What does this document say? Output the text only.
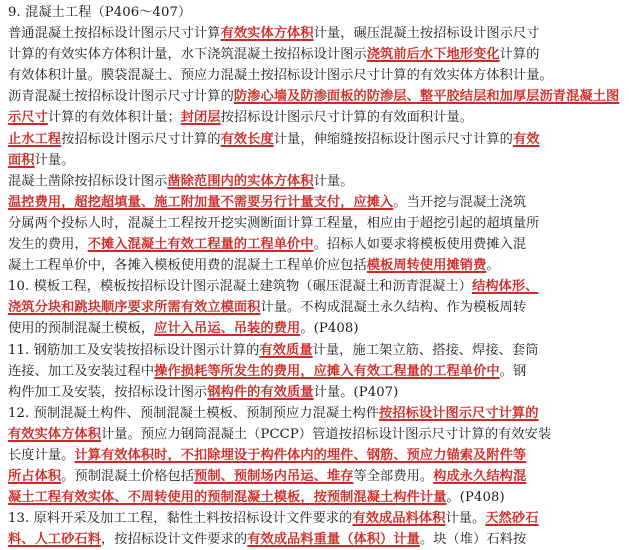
9. 混凝土工程（P406～407）
普通混凝土按招标设计图示尺寸计算有效实体方体积计量，碾压混凝土按招标设计图示尺寸
计算的有效实体方体积计量，水下浇筑混凝土按招标设计图示浇筑前后水下地形变化计算的
有效体积计量。膜袋混凝土、预应力混凝土按招标设计图示尺寸计算的有效实体方体积计量。
沥青混凝土按招标设计图示尺寸计算的防渗心墙及防渗面板的防渗层、整平胶结层和加厚层沥青混凝土图
示尺寸计算的有效体积计量；封闭层按招标设计图示尺寸计算的有效面积计量。
止水工程按招标设计图示尺寸计算的有效长度计量，伸缩缝按招标设计图示尺寸计算的有效
面积计量。
混凝土凿除按招标设计图示凿除范围内的实体方体积计量。
温控费用，超挖超填量、施工附加量不需要另行计量支付，应摊入。当开挖与混凝土浇筑
分属两个投标人时，混凝土工程按开挖实测断面计算工程量，相应由于超挖引起的超填量所
发生的费用，不摊入混凝土有效工程量的工程单价中。招标人如要求将模板使用费摊入混
凝土工程单价中，各摊入模板使用费的混凝土工程单价应包括模板周转使用摊销费。
10. 模板工程，模板按招标设计图示混凝土建筑物（碾压混凝土和沥青混凝土）结构体形、
浇筑分块和跳块顺序要求所需有效立模面积计量。不构成混凝土永久结构、作为模板周转
使用的预制混凝土模板，应计入吊运、吊装的费用。(P408)
11. 钢筋加工及安装按招标设计图示计算的有效质量计量，施工架立筋、搭接、焊接、套筒
连接、加工及安装过程中操作损耗等所发生的费用，应摊入有效工程量的工程单价中。钢
构件加工及安装，按招标设计图示钢构件的有效质量计量。(P407)
12. 预制混凝土构件、预制混凝土模板、预制预应力混凝土构件按招标设计图示尺寸计算的
有效实体方体积计量。预应力钢筒混凝土（PCCP）管道按招标设计图示尺寸计算的有效安装
长度计量。计算有效体积时，不扣除埋设于构件体内的埋件、钢筋、预应力锚索及附件等
所占体积。预制混凝土价格包括预制、预制场内吊运、堆存等全部费用。构成永久结构混
凝土工程有效实体、不周转使用的预制混凝土模板，按预制混凝土构件计量。(P408)
13. 原料开采及加工工程，黏性土料按招标设计文件要求的有效成品料体积计量。天然砂石
料、人工砂石料，按招标设计文件要求的有效成品料重量（体积）计量。块（堆）石料按
